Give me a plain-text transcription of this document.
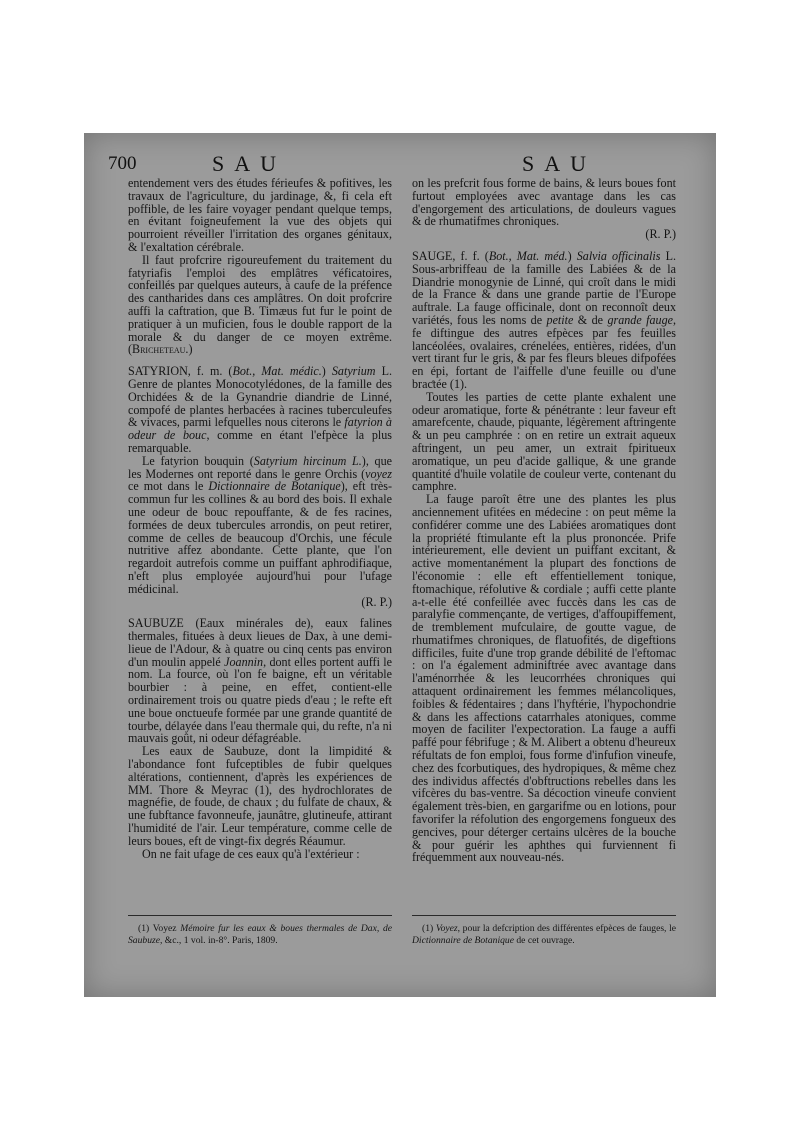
700	SAU	SAU

entendement vers des études férieufes & pofitives, les travaux de l'agriculture, du jardinage, &, fi cela eft poffible, de les faire voyager pendant quelque temps, en évitant foigneufement la vue des objets qui pourroient réveiller l'irritation des organes génitaux, & l'exaltation cérébrale.

Il faut profcrire rigoureufement du traitement du fatyriafis l'emploi des emplâtres véficatoires, confeillés par quelques auteurs, à caufe de la préfence des cantharides dans ces amplâtres. On doit profcrire auffi la caftration, que B. Timæus fut fur le point de pratiquer à un muficien, fous le double rapport de la morale & du danger de ce moyen extrême. (Bricheteau.)

SATYRION, f. m. (Bot., Mat. médic.) Satyrium L. Genre de plantes Monocotylédones, de la famille des Orchidées & de la Gynandrie diandrie de Linné, compofé de plantes herbacées à racines tuberculeufes & vivaces, parmi lefquelles nous citerons le fatyrion à odeur de bouc, comme en étant l'efpèce la plus remarquable.

Le fatyrion bouquin (Satyrium hircinum L.), que les Modernes ont reporté dans le genre Orchis (voyez ce mot dans le Dictionnaire de Botanique), eft très-commun fur les collines & au bord des bois. Il exhale une odeur de bouc repouffante, & de fes racines, formées de deux tubercules arrondis, on peut retirer, comme de celles de beaucoup d'Orchis, une fécule nutritive affez abondante. Cette plante, que l'on regardoit autrefois comme un puiffant aphrodifiaque, n'eft plus employée aujourd'hui pour l'ufage médicinal.

(R. P.)

SAUBUZE (Eaux minérales de), eaux falines thermales, fituées à deux lieues de Dax, à une demi-lieue de l'Adour, & à quatre ou cinq cents pas environ d'un moulin appelé Joannin, dont elles portent auffi le nom. La fource, où l'on fe baigne, eft un véritable bourbier : à peine, en effet, contient-elle ordinairement trois ou quatre pieds d'eau ; le refte eft une boue onctueufe formée par une grande quantité de tourbe, délayée dans l'eau thermale qui, du refte, n'a ni mauvais goût, ni odeur défagréable.

Les eaux de Saubuze, dont la limpidité & l'abondance font fufceptibles de fubir quelques altérations, contiennent, d'après les expériences de MM. Thore & Meyrac (1), des hydrochlorates de magnéfie, de foude, de chaux ; du fulfate de chaux, & une fubftance favonneufe, jaunâtre, glutineufe, attirant l'humidité de l'air. Leur température, comme celle de leurs boues, eft de vingt-fix degrés Réaumur.

On ne fait ufage de ces eaux qu'à l'extérieur :

on les prefcrit fous forme de bains, & leurs boues font furtout employées avec avantage dans les cas d'engorgement des articulations, de douleurs vagues & de rhumatifmes chroniques.

(R. P.)

SAUGE, f. f. (Bot., Mat. méd.) Salvia officinalis L. Sous-arbriffeau de la famille des Labiées & de la Diandrie monogynie de Linné, qui croît dans le midi de la France & dans une grande partie de l'Europe auftrale. La fauge officinale, dont on reconnoît deux variétés, fous les noms de petite & de grande fauge, fe diftingue des autres efpèces par fes feuilles lancéolées, ovalaires, crénelées, entières, ridées, d'un vert tirant fur le gris, & par fes fleurs bleues difpofées en épi, fortant de l'aiffelle d'une feuille ou d'une braƈtée (1).

Toutes les parties de cette plante exhalent une odeur aromatique, forte & pénétrante : leur faveur eft amarefcente, chaude, piquante, légèrement aftringente & un peu camphrée : on en retire un extrait aqueux aftringent, un peu amer, un extrait fpiritueux aromatique, un peu d'acide gallique, & une grande quantité d'huile volatile de couleur verte, contenant du camphre.

La fauge paroît être une des plantes les plus anciennement ufitées en médecine : on peut même la confidérer comme une des Labiées aromatiques dont la propriété ftimulante eft la plus prononcée. Prife intérieurement, elle devient un puiffant excitant, & active momentanément la plupart des fonctions de l'économie : elle eft effentiellement tonique, ftomachique, réfolutive & cordiale ; auffi cette plante a-t-elle été confeillée avec fuccès dans les cas de paralyfie commençante, de vertiges, d'affoupiffement, de tremblement mufculaire, de goutte vague, de rhumatifmes chroniques, de flatuofités, de digeftions difficiles, fuite d'une trop grande débilité de l'eftomac : on l'a également adminiftrée avec avantage dans l'aménorrhée & les leucorrhées chroniques qui attaquent ordinairement les femmes mélancoliques, foibles & fédentaires ; dans l'hyftérie, l'hypochondrie & dans les affections catarrhales atoniques, comme moyen de faciliter l'expectoration. La fauge a auffi paffé pour fébrifuge ; & M. Alibert a obtenu d'heureux réfultats de fon emploi, fous forme d'infufion vineufe, chez des fcorbutiques, des hydropiques, & même chez des individus affectés d'obftructions rebelles dans les vifcères du bas-ventre. Sa décoction vineufe convient également très-bien, en gargarifme ou en lotions, pour favorifer la réfolution des engorgemens fongueux des gencives, pour déterger certains ulcères de la bouche & pour guérir les aphthes qui furviennent fi fréquemment aux nouveau-nés.

(1) Voyez Mémoire fur les eaux & boues thermales de Dax, de Saubuze, &c., 1 vol. in-8°. Paris, 1809.
(1) Voyez, pour la defcription des différentes efpèces de fauges, le Dictionnaire de Botanique de cet ouvrage.
